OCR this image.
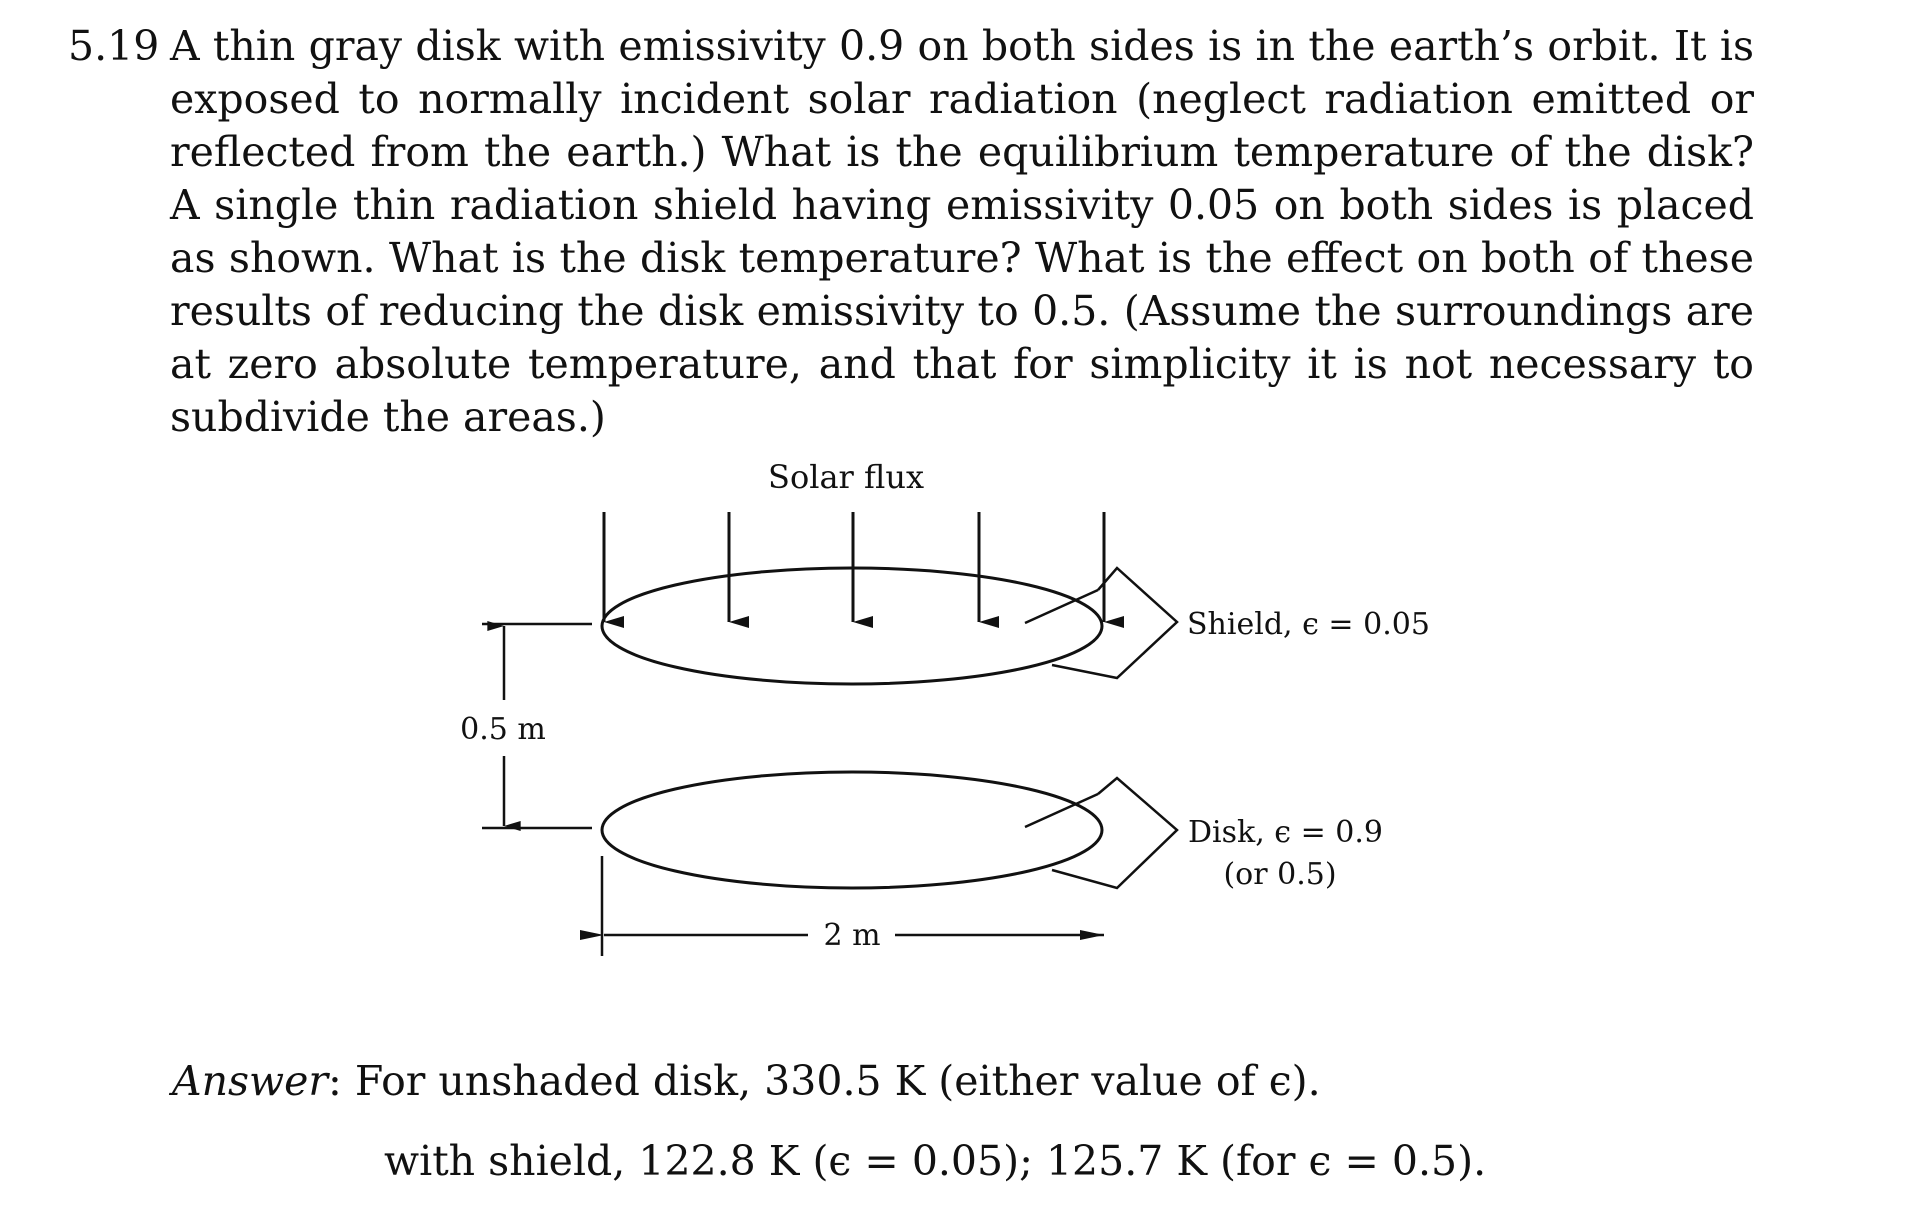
5.19 A thin gray disk with emissivity 0.9 on both sides is in the earth’s orbit. It is exposed to normally incident solar radiation (neglect radiation emitted or reflected from the earth.) What is the equilibrium temperature of the disk? A single thin radiation shield having emissivity 0.05 on both sides is placed as shown. What is the disk temperature? What is the effect on both of these results of reducing the disk emissivity to 0.5. (Assume the surroundings are at zero absolute temperature, and that for simplicity it is not necessary to subdivide the areas.)
Solar flux
Shield, ϵ = 0.05
Disk, ϵ = 0.9
(or 0.5)
0.5 m
2 m
Answer: For unshaded disk, 330.5 K (either value of ϵ).
with shield, 122.8 K (ϵ = 0.05); 125.7 K (for ϵ = 0.5).
